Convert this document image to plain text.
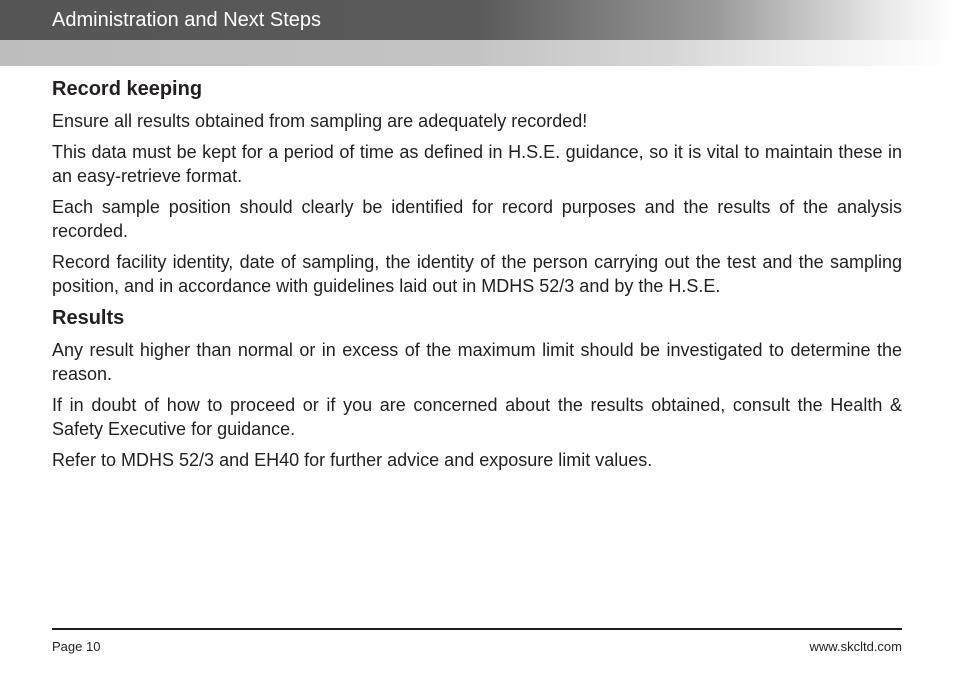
Administration and Next Steps
Record keeping

Ensure all results obtained from sampling are adequately recorded!

This data must be kept for a period of time as defined in H.S.E. guidance, so it is vital to maintain these in an easy-retrieve format.

Each sample position should clearly be identified for record purposes and the results of the analysis recorded.

Record facility identity, date of sampling, the identity of the person carrying out the test and the sampling position, and in accordance with guidelines laid out in MDHS 52/3 and by the H.S.E.

Results

Any result higher than normal or in excess of the maximum limit should be investigated to determine the reason.

If in doubt of how to proceed or if you are concerned about the results obtained, consult the Health & Safety Executive for guidance.

Refer to MDHS 52/3 and EH40 for further advice and exposure limit values.

Page 10	www.skcltd.com
